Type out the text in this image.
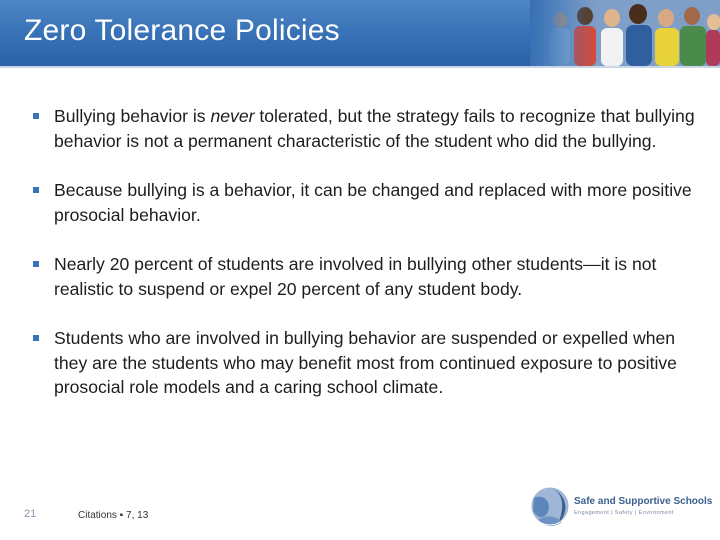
Zero Tolerance Policies
Bullying behavior is never tolerated, but the strategy fails to recognize that bullying behavior is not a permanent characteristic of the student who did the bullying.
Because bullying is a behavior, it can be changed and replaced with more positive prosocial behavior.
Nearly 20 percent of students are involved in bullying other students—it is not realistic to suspend or expel 20 percent of any student body.
Students who are involved in bullying behavior are suspended or expelled when they are the students who may benefit most from continued exposure to positive prosocial role models and a caring school climate.
21	Citations ▪ 7, 13
Safe and Supportive Schools
Engagement | Safety | Environment
